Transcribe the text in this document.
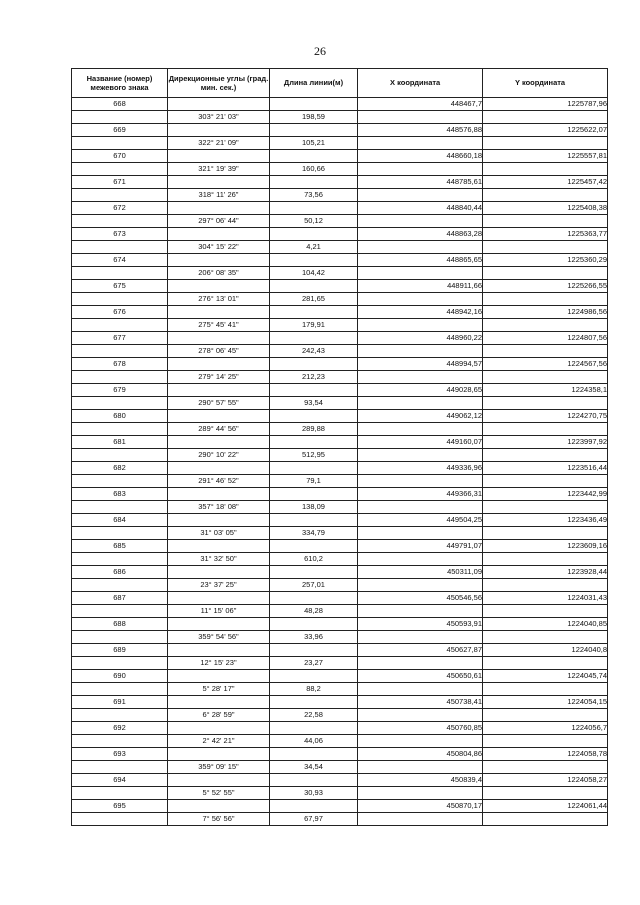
26
Название (номер) межевого знака	Дирекционные углы (град. мин. сек.)	Длина линии(м)	X координата	Y координата
668			448467,7	1225787,96
	303° 21' 03"	198,59		
669			448576,88	1225622,07
	322° 21' 09"	105,21		
670			448660,18	1225557,81
	321° 19' 39"	160,66		
671			448785,61	1225457,42
	318° 11' 26"	73,56		
672			448840,44	1225408,38
	297° 06' 44"	50,12		
673			448863,28	1225363,77
	304° 15' 22"	4,21		
674			448865,65	1225360,29
	206° 08' 35"	104,42		
675			448911,66	1225266,55
	276° 13' 01"	281,65		
676			448942,16	1224986,56
	275° 45' 41"	179,91		
677			448960,22	1224807,56
	278° 06' 45"	242,43		
678			448994,57	1224567,56
	279° 14' 25"	212,23		
679			449028,65	1224358,1
	290° 57' 55"	93,54		
680			449062,12	1224270,75
	289° 44' 56"	289,88		
681			449160,07	1223997,92
	290° 10' 22"	512,95		
682			449336,96	1223516,44
	291° 46' 52"	79,1		
683			449366,31	1223442,99
	357° 18' 08"	138,09		
684			449504,25	1223436,49
	31° 03' 05"	334,79		
685			449791,07	1223609,16
	31° 32' 50"	610,2		
686			450311,09	1223928,44
	23° 37' 25"	257,01		
687			450546,56	1224031,43
	11° 15' 06"	48,28		
688			450593,91	1224040,85
	359° 54' 56"	33,96		
689			450627,87	1224040,8
	12° 15' 23"	23,27		
690			450650,61	1224045,74
	5° 28' 17"	88,2		
691			450738,41	1224054,15
	6° 28' 59"	22,58		
692			450760,85	1224056,7
	2° 42' 21"	44,06		
693			450804,86	1224058,78
	359° 09' 15"	34,54		
694			450839,4	1224058,27
	5° 52' 55"	30,93		
695			450870,17	1224061,44
	7° 56' 56"	67,97		
